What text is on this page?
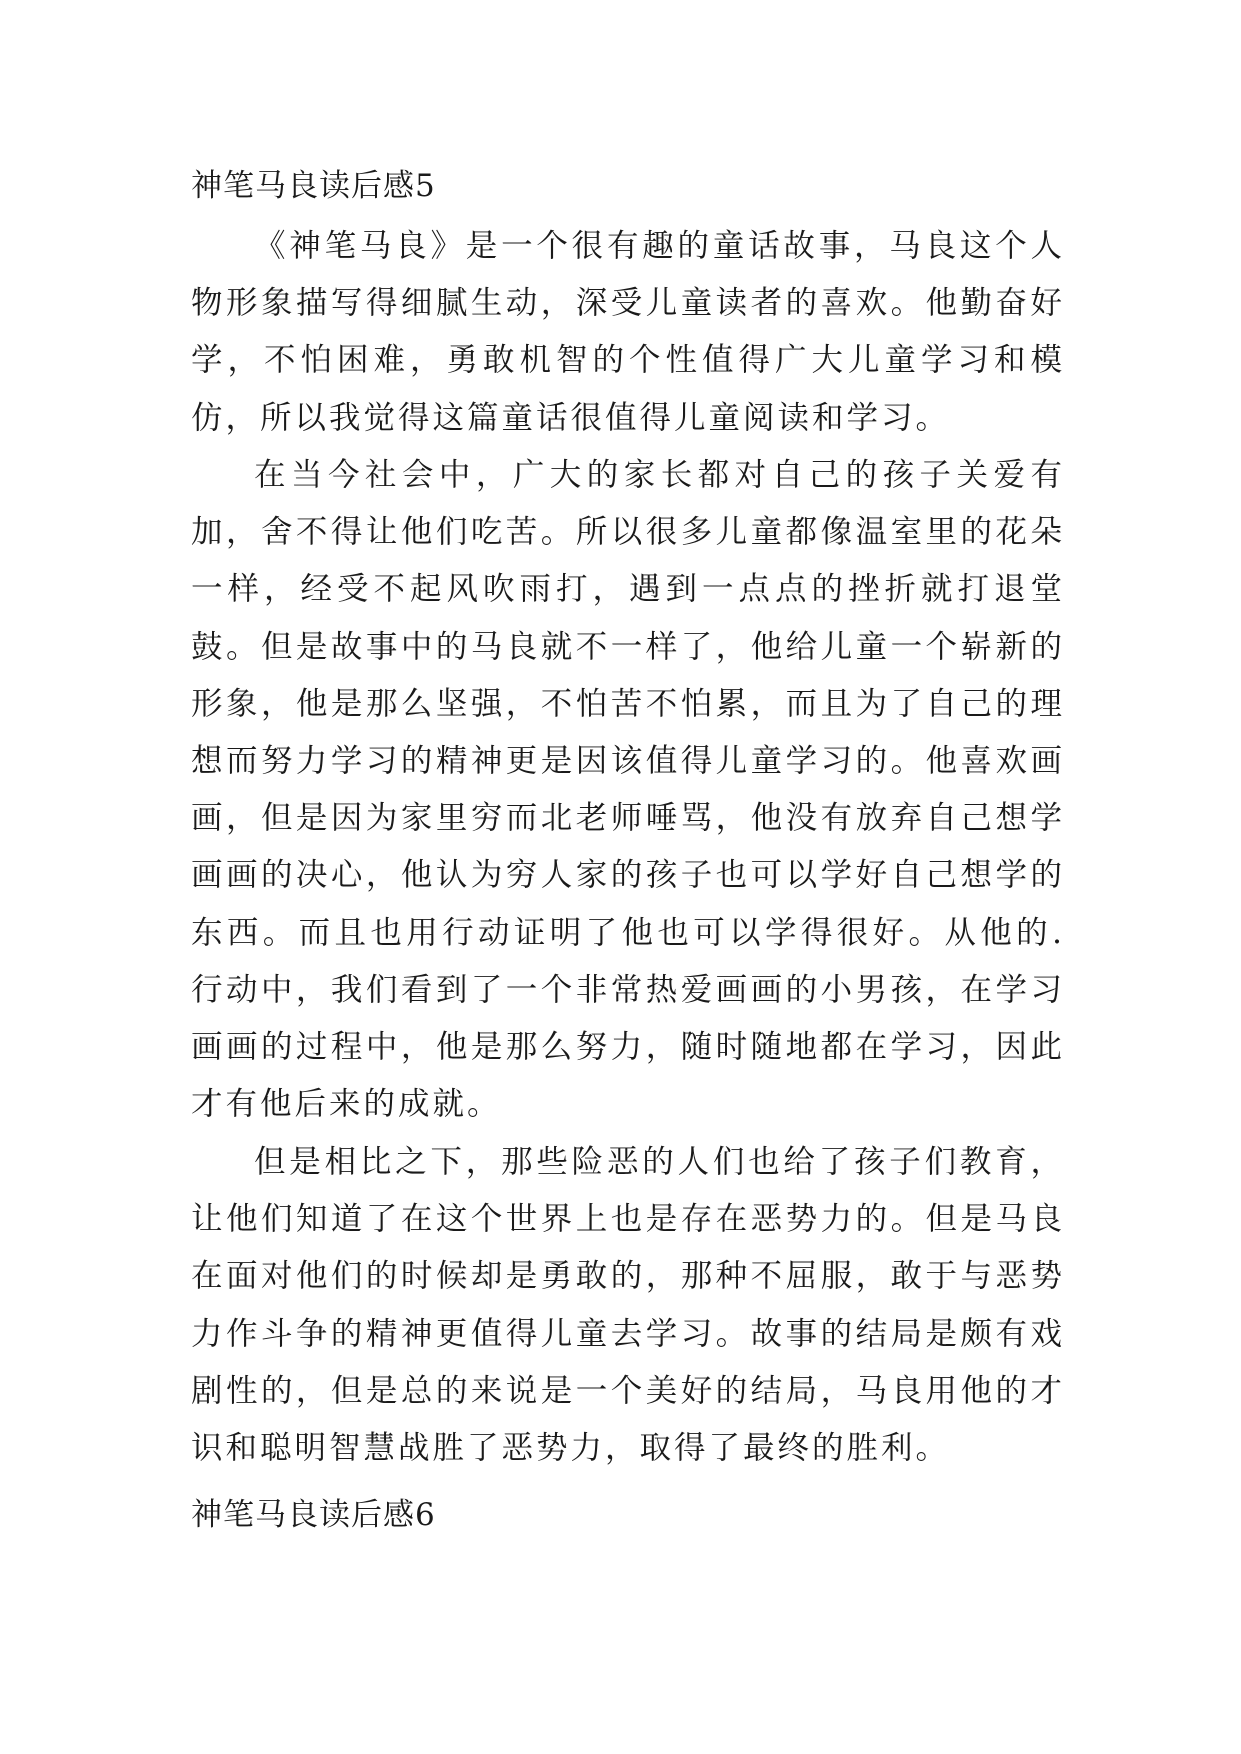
神笔马良读后感5

《神笔马良》是一个很有趣的童话故事，马良这个人物形象描写得细腻生动，深受儿童读者的喜欢。他勤奋好学，不怕困难，勇敢机智的个性值得广大儿童学习和模仿，所以我觉得这篇童话很值得儿童阅读和学习。

在当今社会中，广大的家长都对自己的孩子关爱有加，舍不得让他们吃苦。所以很多儿童都像温室里的花朵一样，经受不起风吹雨打，遇到一点点的挫折就打退堂鼓。但是故事中的马良就不一样了，他给儿童一个崭新的形象，他是那么坚强，不怕苦不怕累，而且为了自己的理想而努力学习的精神更是因该值得儿童学习的。他喜欢画画，但是因为家里穷而北老师唾骂，他没有放弃自己想学画画的决心，他认为穷人家的孩子也可以学好自己想学的东西。而且也用行动证明了他也可以学得很好。从他的.行动中，我们看到了一个非常热爱画画的小男孩，在学习画画的过程中，他是那么努力，随时随地都在学习，因此才有他后来的成就。

但是相比之下，那些险恶的人们也给了孩子们教育，让他们知道了在这个世界上也是存在恶势力的。但是马良在面对他们的时候却是勇敢的，那种不屈服，敢于与恶势力作斗争的精神更值得儿童去学习。故事的结局是颇有戏剧性的，但是总的来说是一个美好的结局，马良用他的才识和聪明智慧战胜了恶势力，取得了最终的胜利。

神笔马良读后感6
